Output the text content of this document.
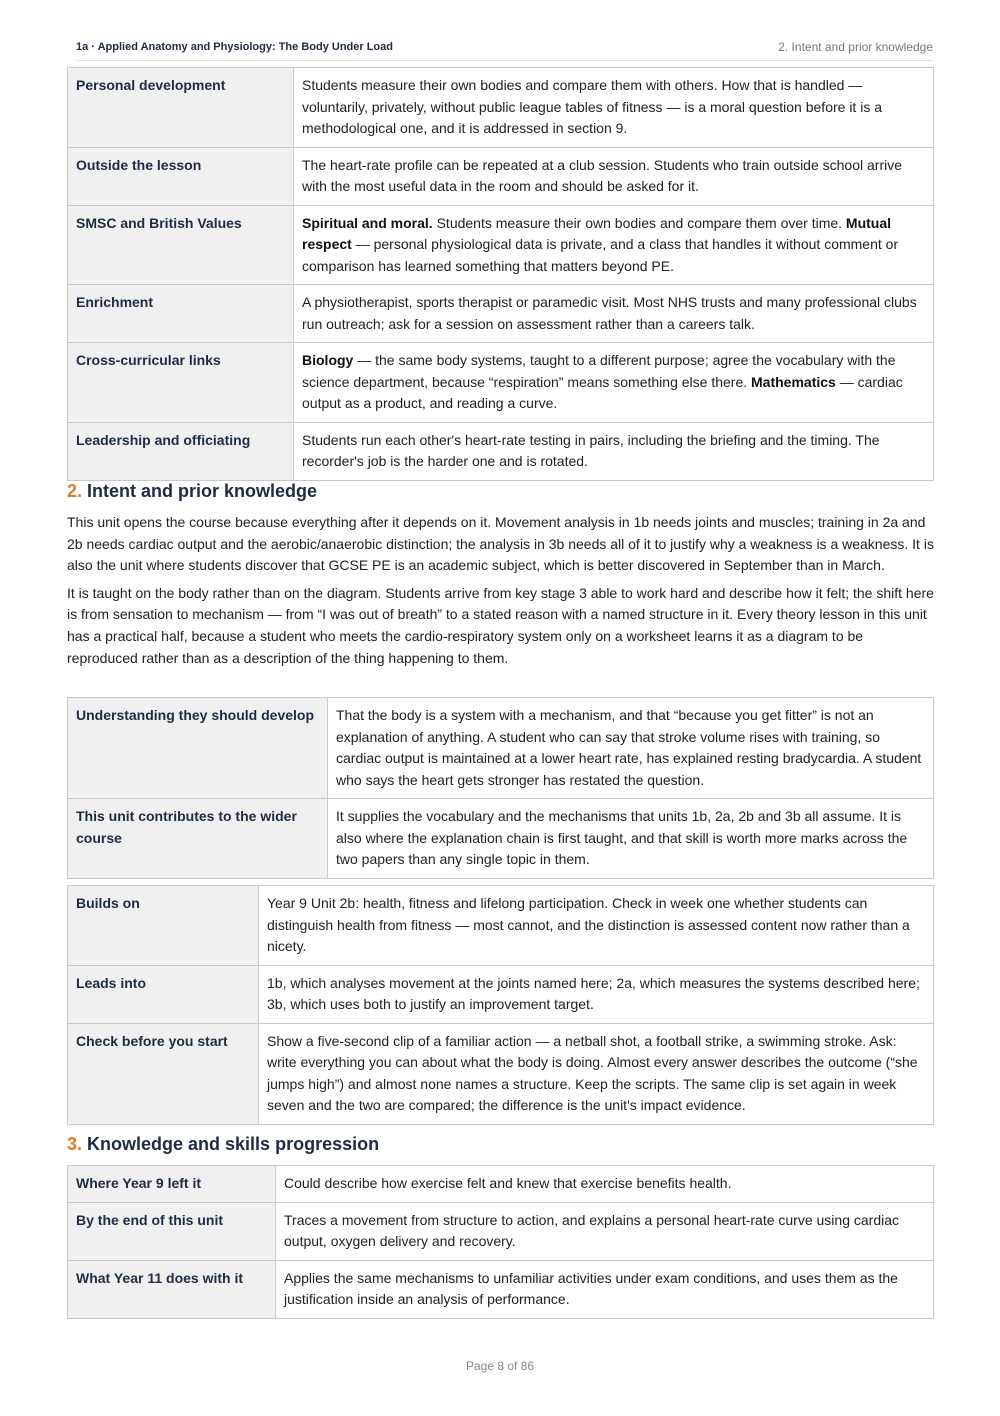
1a · Applied Anatomy and Physiology: The Body Under Load	2. Intent and prior knowledge
Personal development	Students measure their own bodies and compare them with others. How that is handled — voluntarily, privately, without public league tables of fitness — is a moral question before it is a methodological one, and it is addressed in section 9.
Outside the lesson	The heart-rate profile can be repeated at a club session. Students who train outside school arrive with the most useful data in the room and should be asked for it.
SMSC and British Values	Spiritual and moral. Students measure their own bodies and compare them over time. Mutual respect — personal physiological data is private, and a class that handles it without comment or comparison has learned something that matters beyond PE.
Enrichment	A physiotherapist, sports therapist or paramedic visit. Most NHS trusts and many professional clubs run outreach; ask for a session on assessment rather than a careers talk.
Cross-curricular links	Biology — the same body systems, taught to a different purpose; agree the vocabulary with the science department, because “respiration” means something else there. Mathematics — cardiac output as a product, and reading a curve.
Leadership and officiating	Students run each other's heart-rate testing in pairs, including the briefing and the timing. The recorder's job is the harder one and is rotated.
2. Intent and prior knowledge

This unit opens the course because everything after it depends on it. Movement analysis in 1b needs joints and muscles; training in 2a and 2b needs cardiac output and the aerobic/anaerobic distinction; the analysis in 3b needs all of it to justify why a weakness is a weakness. It is also the unit where students discover that GCSE PE is an academic subject, which is better discovered in September than in March.

It is taught on the body rather than on the diagram. Students arrive from key stage 3 able to work hard and describe how it felt; the shift here is from sensation to mechanism — from “I was out of breath” to a stated reason with a named structure in it. Every theory lesson in this unit has a practical half, because a student who meets the cardio-respiratory system only on a worksheet learns it as a diagram to be reproduced rather than as a description of the thing happening to them.

Understanding they should develop	That the body is a system with a mechanism, and that “because you get fitter” is not an explanation of anything. A student who can say that stroke volume rises with training, so cardiac output is maintained at a lower heart rate, has explained resting bradycardia. A student who says the heart gets stronger has restated the question.
This unit contributes to the wider course	It supplies the vocabulary and the mechanisms that units 1b, 2a, 2b and 3b all assume. It is also where the explanation chain is first taught, and that skill is worth more marks across the two papers than any single topic in them.
Builds on	Year 9 Unit 2b: health, fitness and lifelong participation. Check in week one whether students can distinguish health from fitness — most cannot, and the distinction is assessed content now rather than a nicety.
Leads into	1b, which analyses movement at the joints named here; 2a, which measures the systems described here; 3b, which uses both to justify an improvement target.
Check before you start	Show a five-second clip of a familiar action — a netball shot, a football strike, a swimming stroke. Ask: write everything you can about what the body is doing. Almost every answer describes the outcome (“she jumps high”) and almost none names a structure. Keep the scripts. The same clip is set again in week seven and the two are compared; the difference is the unit's impact evidence.
3. Knowledge and skills progression
Where Year 9 left it	Could describe how exercise felt and knew that exercise benefits health.
By the end of this unit	Traces a movement from structure to action, and explains a personal heart-rate curve using cardiac output, oxygen delivery and recovery.
What Year 11 does with it	Applies the same mechanisms to unfamiliar activities under exam conditions, and uses them as the justification inside an analysis of performance.
Page 8 of 86
